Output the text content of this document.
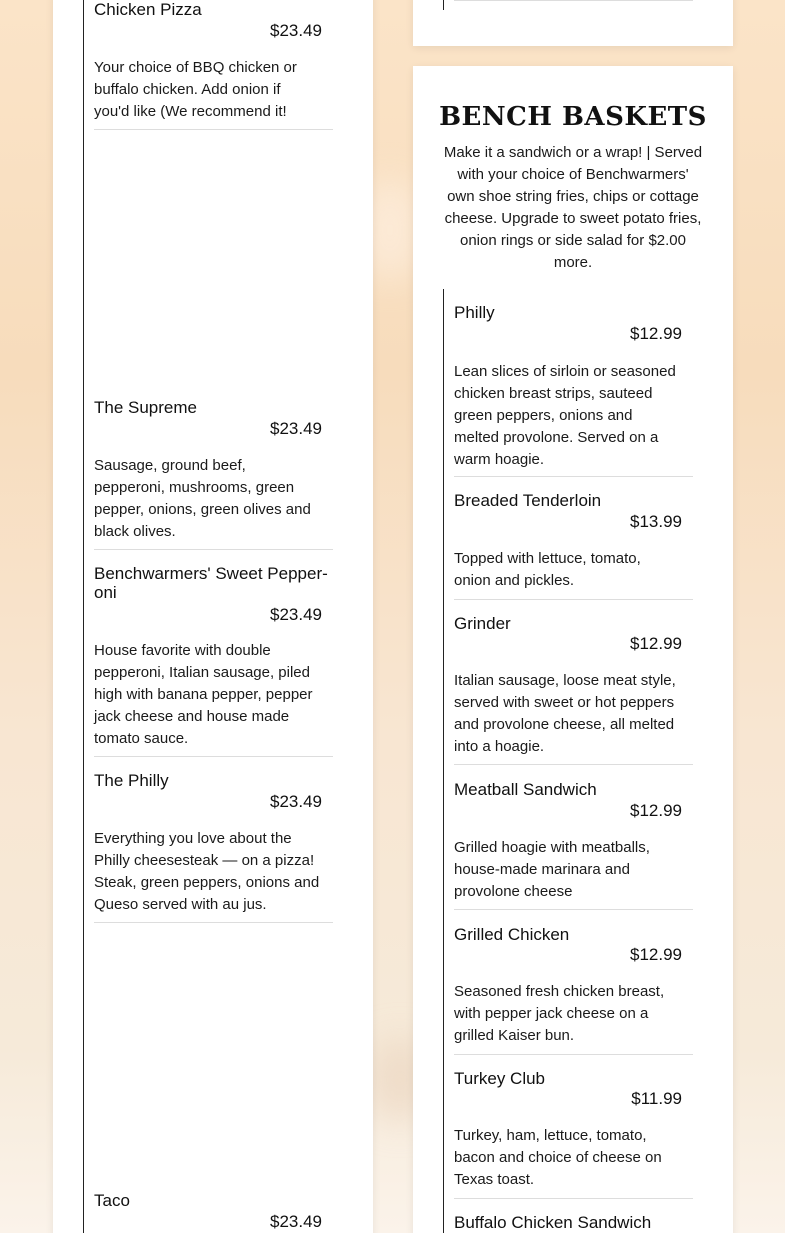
Chicken Pizza
$23.49
Your choice of BBQ chicken or buffalo chicken. Add onion if you'd like (We recommend it!
The Supreme
$23.49
Sausage, ground beef, pepperoni, mushrooms, green pepper, onions, green olives and black olives.
Benchwarmers' Sweet Pepper-oni
$23.49
House favorite with double pepperoni, Italian sausage, piled high with banana pepper, pepper jack cheese and house made tomato sauce.
The Philly
$23.49
Everything you love about the Philly cheesesteak — on a pizza! Steak, green peppers, onions and Queso served with au jus.
Taco
$23.49
BENCH BASKETS
Make it a sandwich or a wrap! | Served with your choice of Benchwarmers' own shoe string fries, chips or cottage cheese. Upgrade to sweet potato fries, onion rings or side salad for $2.00 more.
Philly
$12.99
Lean slices of sirloin or seasoned chicken breast strips, sauteed green peppers, onions and melted provolone. Served on a warm hoagie.
Breaded Tenderloin
$13.99
Topped with lettuce, tomato, onion and pickles.
Grinder
$12.99
Italian sausage, loose meat style, served with sweet or hot peppers and provolone cheese, all melted into a hoagie.
Meatball Sandwich
$12.99
Grilled hoagie with meatballs, house-made marinara and provolone cheese
Grilled Chicken
$12.99
Seasoned fresh chicken breast, with pepper jack cheese on a grilled Kaiser bun.
Turkey Club
$11.99
Turkey, ham, lettuce, tomato, bacon and choice of cheese on Texas toast.
Buffalo Chicken Sandwich
